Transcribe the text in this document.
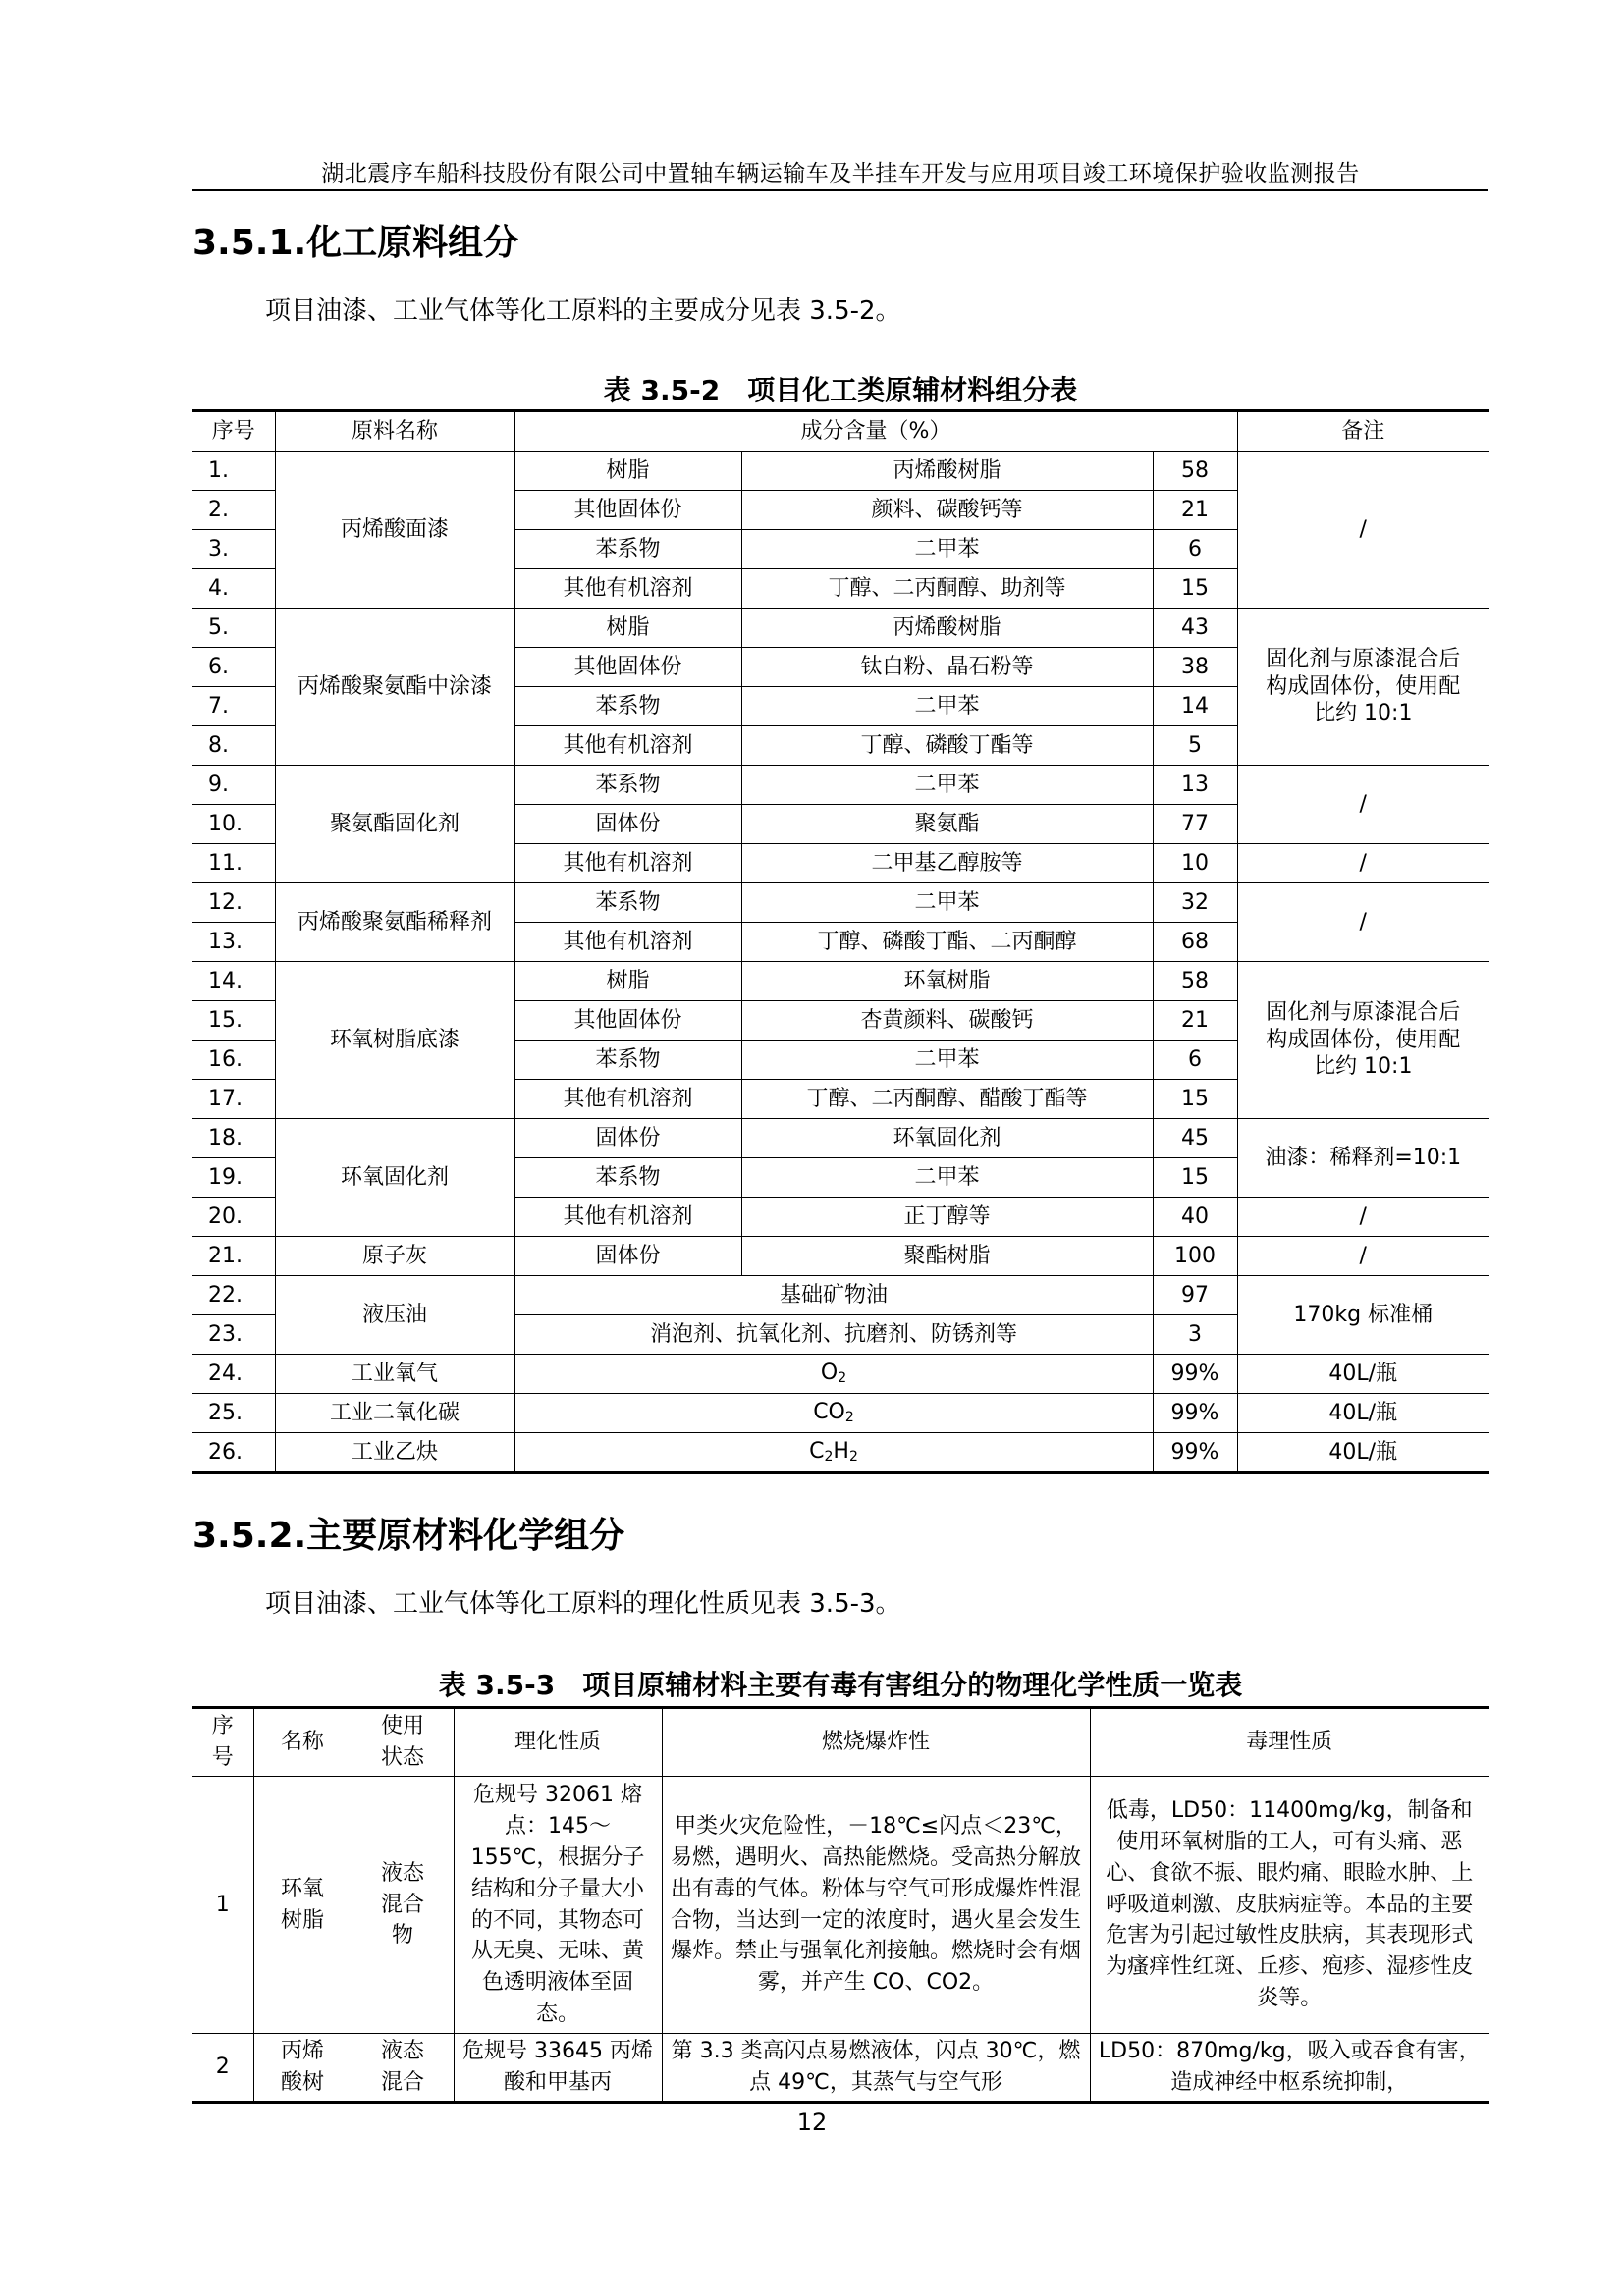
湖北震序车船科技股份有限公司中置轴车辆运输车及半挂车开发与应用项目竣工环境保护验收监测报告
3.5.1.化工原料组分
项目油漆、工业气体等化工原料的主要成分见表 3.5-2。
表 3.5-2　项目化工类原辅材料组分表
序号	原料名称	成分含量（%）			备注
1.	丙烯酸面漆	树脂	丙烯酸树脂	58	/
2.		其他固体份	颜料、碳酸钙等	21	
3.		苯系物	二甲苯	6	
4.		其他有机溶剂	丁醇、二丙酮醇、助剂等	15	
5.	丙烯酸聚氨酯中涂漆	树脂	丙烯酸树脂	43	固化剂与原漆混合后构成固体份，使用配比约 10:1
6.		其他固体份	钛白粉、晶石粉等	38	
7.		苯系物	二甲苯	14	
8.		其他有机溶剂	丁醇、磷酸丁酯等	5	
9.	聚氨酯固化剂	苯系物	二甲苯	13	/
10.		固体份	聚氨酯	77	
11.		其他有机溶剂	二甲基乙醇胺等	10	/
12.	丙烯酸聚氨酯稀释剂	苯系物	二甲苯	32	/
13.		其他有机溶剂	丁醇、磷酸丁酯、二丙酮醇	68	
14.	环氧树脂底漆	树脂	环氧树脂	58	固化剂与原漆混合后构成固体份，使用配比约 10:1
15.		其他固体份	杏黄颜料、碳酸钙	21	
16.		苯系物	二甲苯	6	
17.		其他有机溶剂	丁醇、二丙酮醇、醋酸丁酯等	15	
18.	环氧固化剂	固体份	环氧固化剂	45	油漆：稀释剂=10:1
19.		苯系物	二甲苯	15	
20.		其他有机溶剂	正丁醇等	40	/
21.	原子灰	固体份	聚酯树脂	100	/
22.	液压油	基础矿物油		97	170kg 标准桶
23.		消泡剂、抗氧化剂、抗磨剂、防锈剂等		3	
24.	工业氧气	$O_2$		99%	40L/瓶
25.	工业二氧化碳	$CO_2$		99%	40L/瓶
26.	工业乙炔	$C_2H_2$		99%	40L/瓶
3.5.2.主要原材料化学组分
项目油漆、工业气体等化工原料的理化性质见表 3.5-3。
表 3.5-3　项目原辅材料主要有毒有害组分的物理化学性质一览表
序号	名称	使用状态	理化性质	燃烧爆炸性	毒理性质
1	环氧树脂	液态混合物	危规号 32061 熔点：145～155℃，根据分子结构和分子量大小的不同，其物态可从无臭、无味、黄色透明液体至固态。	甲类火灾危险性，－18℃≤闪点＜23℃，易燃，遇明火、高热能燃烧。受高热分解放出有毒的气体。粉体与空气可形成爆炸性混合物，当达到一定的浓度时，遇火星会发生爆炸。禁止与强氧化剂接触。燃烧时会有烟雾，并产生 CO、CO2。	低毒，LD50：11400mg/kg，制备和使用环氧树脂的工人，可有头痛、恶心、食欲不振、眼灼痛、眼睑水肿、上呼吸道刺激、皮肤病症等。本品的主要危害为引起过敏性皮肤病，其表现形式为瘙痒性红斑、丘疹、疱疹、湿疹性皮炎等。
2	丙烯酸树	液态混合	危规号 33645 丙烯酸和甲基丙	第 3.3 类高闪点易燃液体，闪点 30℃，燃点 49℃，其蒸气与空气形	LD50：870mg/kg，吸入或吞食有害，造成神经中枢系统抑制，
12
